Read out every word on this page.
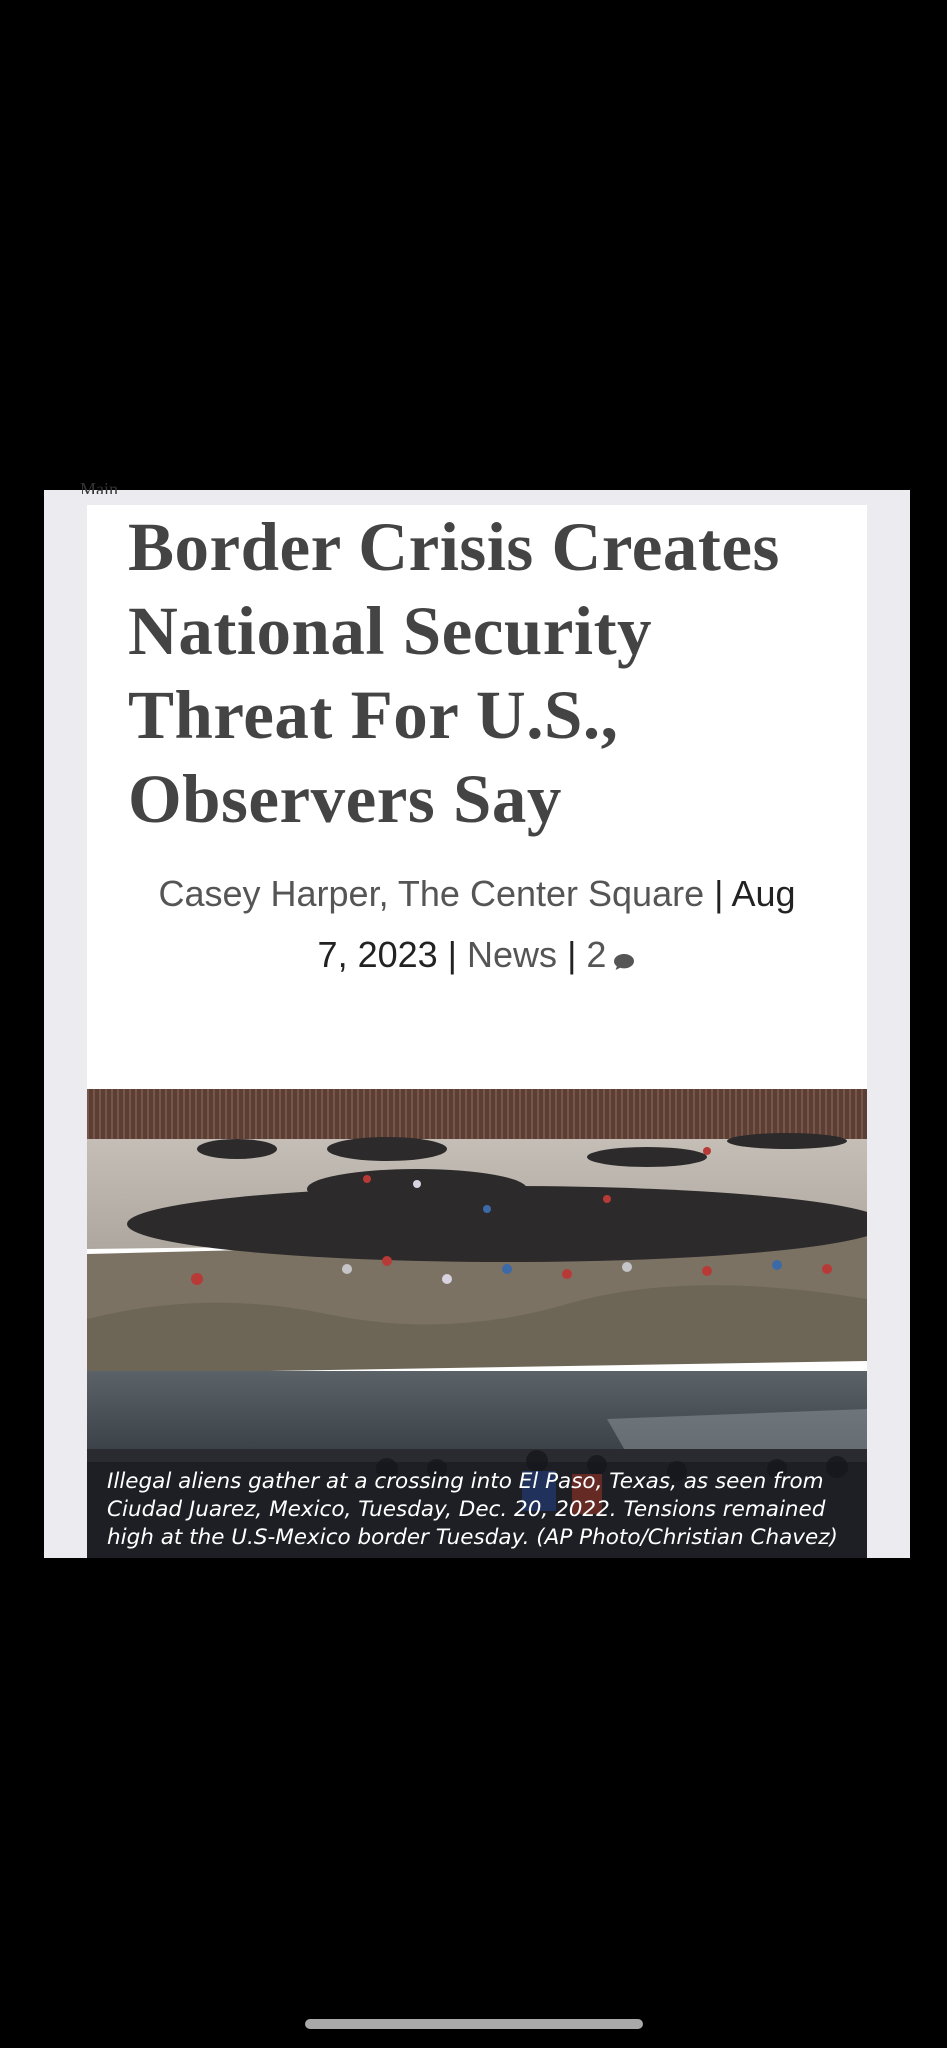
Main
Border Crisis Creates National Security Threat For U.S., Observers Say
Casey Harper, The Center Square | Aug
7, 2023 | News | 2
Illegal aliens gather at a crossing into El Paso, Texas, as seen from Ciudad Juarez, Mexico, Tuesday, Dec. 20, 2022. Tensions remained high at the U.S-Mexico border Tuesday. (AP Photo/Christian Chavez)
